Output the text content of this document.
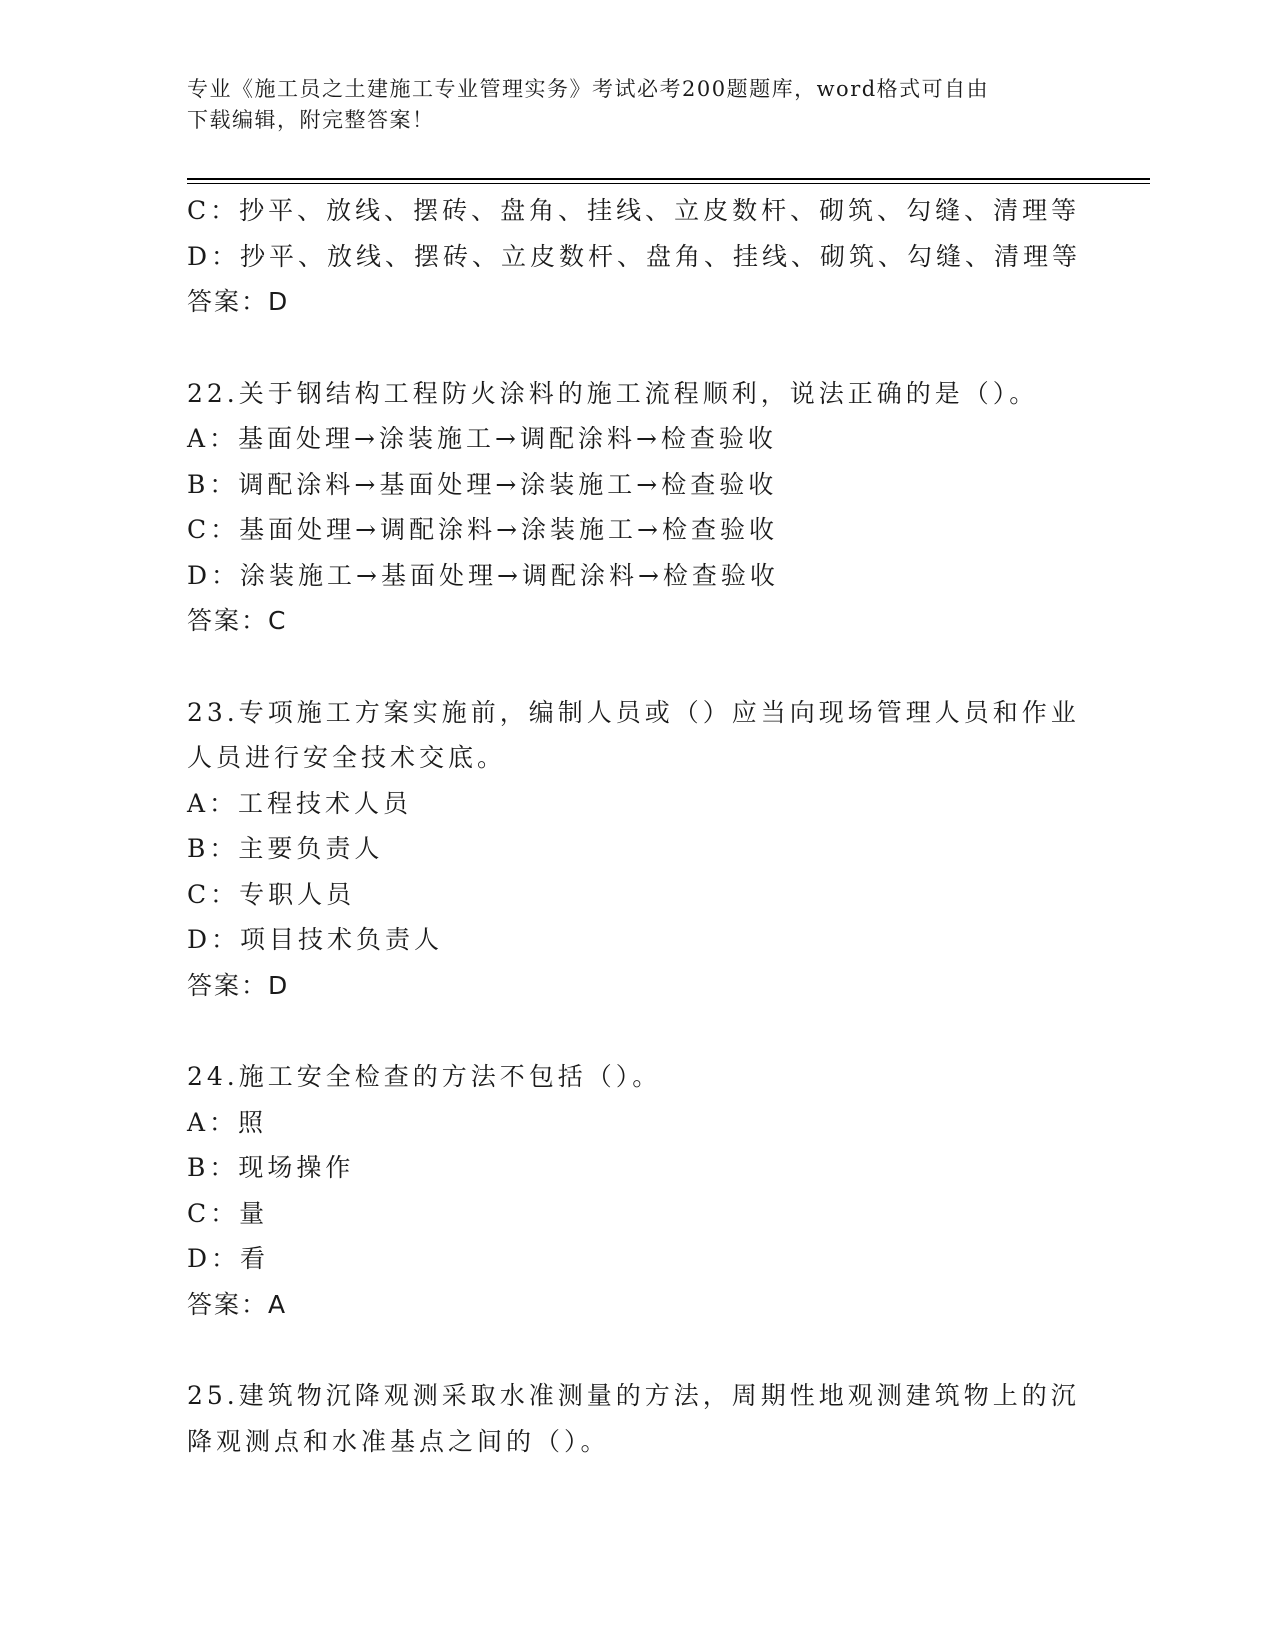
专业《施工员之土建施工专业管理实务》考试必考200题题库，word格式可自由
下载编辑，附完整答案！
C：抄平、放线、摆砖、盘角、挂线、立皮数杆、砌筑、勾缝、清理等
D：抄平、放线、摆砖、立皮数杆、盘角、挂线、砌筑、勾缝、清理等
答案：D
22.关于钢结构工程防火涂料的施工流程顺利，说法正确的是（）。
A：基面处理→涂装施工→调配涂料→检查验收
B：调配涂料→基面处理→涂装施工→检查验收
C：基面处理→调配涂料→涂装施工→检查验收
D：涂装施工→基面处理→调配涂料→检查验收
答案：C
23.专项施工方案实施前，编制人员或（）应当向现场管理人员和作业
人员进行安全技术交底。
A：工程技术人员
B：主要负责人
C：专职人员
D：项目技术负责人
答案：D
24.施工安全检查的方法不包括（）。
A：照
B：现场操作
C：量
D：看
答案：A
25.建筑物沉降观测采取水准测量的方法，周期性地观测建筑物上的沉
降观测点和水准基点之间的（）。
